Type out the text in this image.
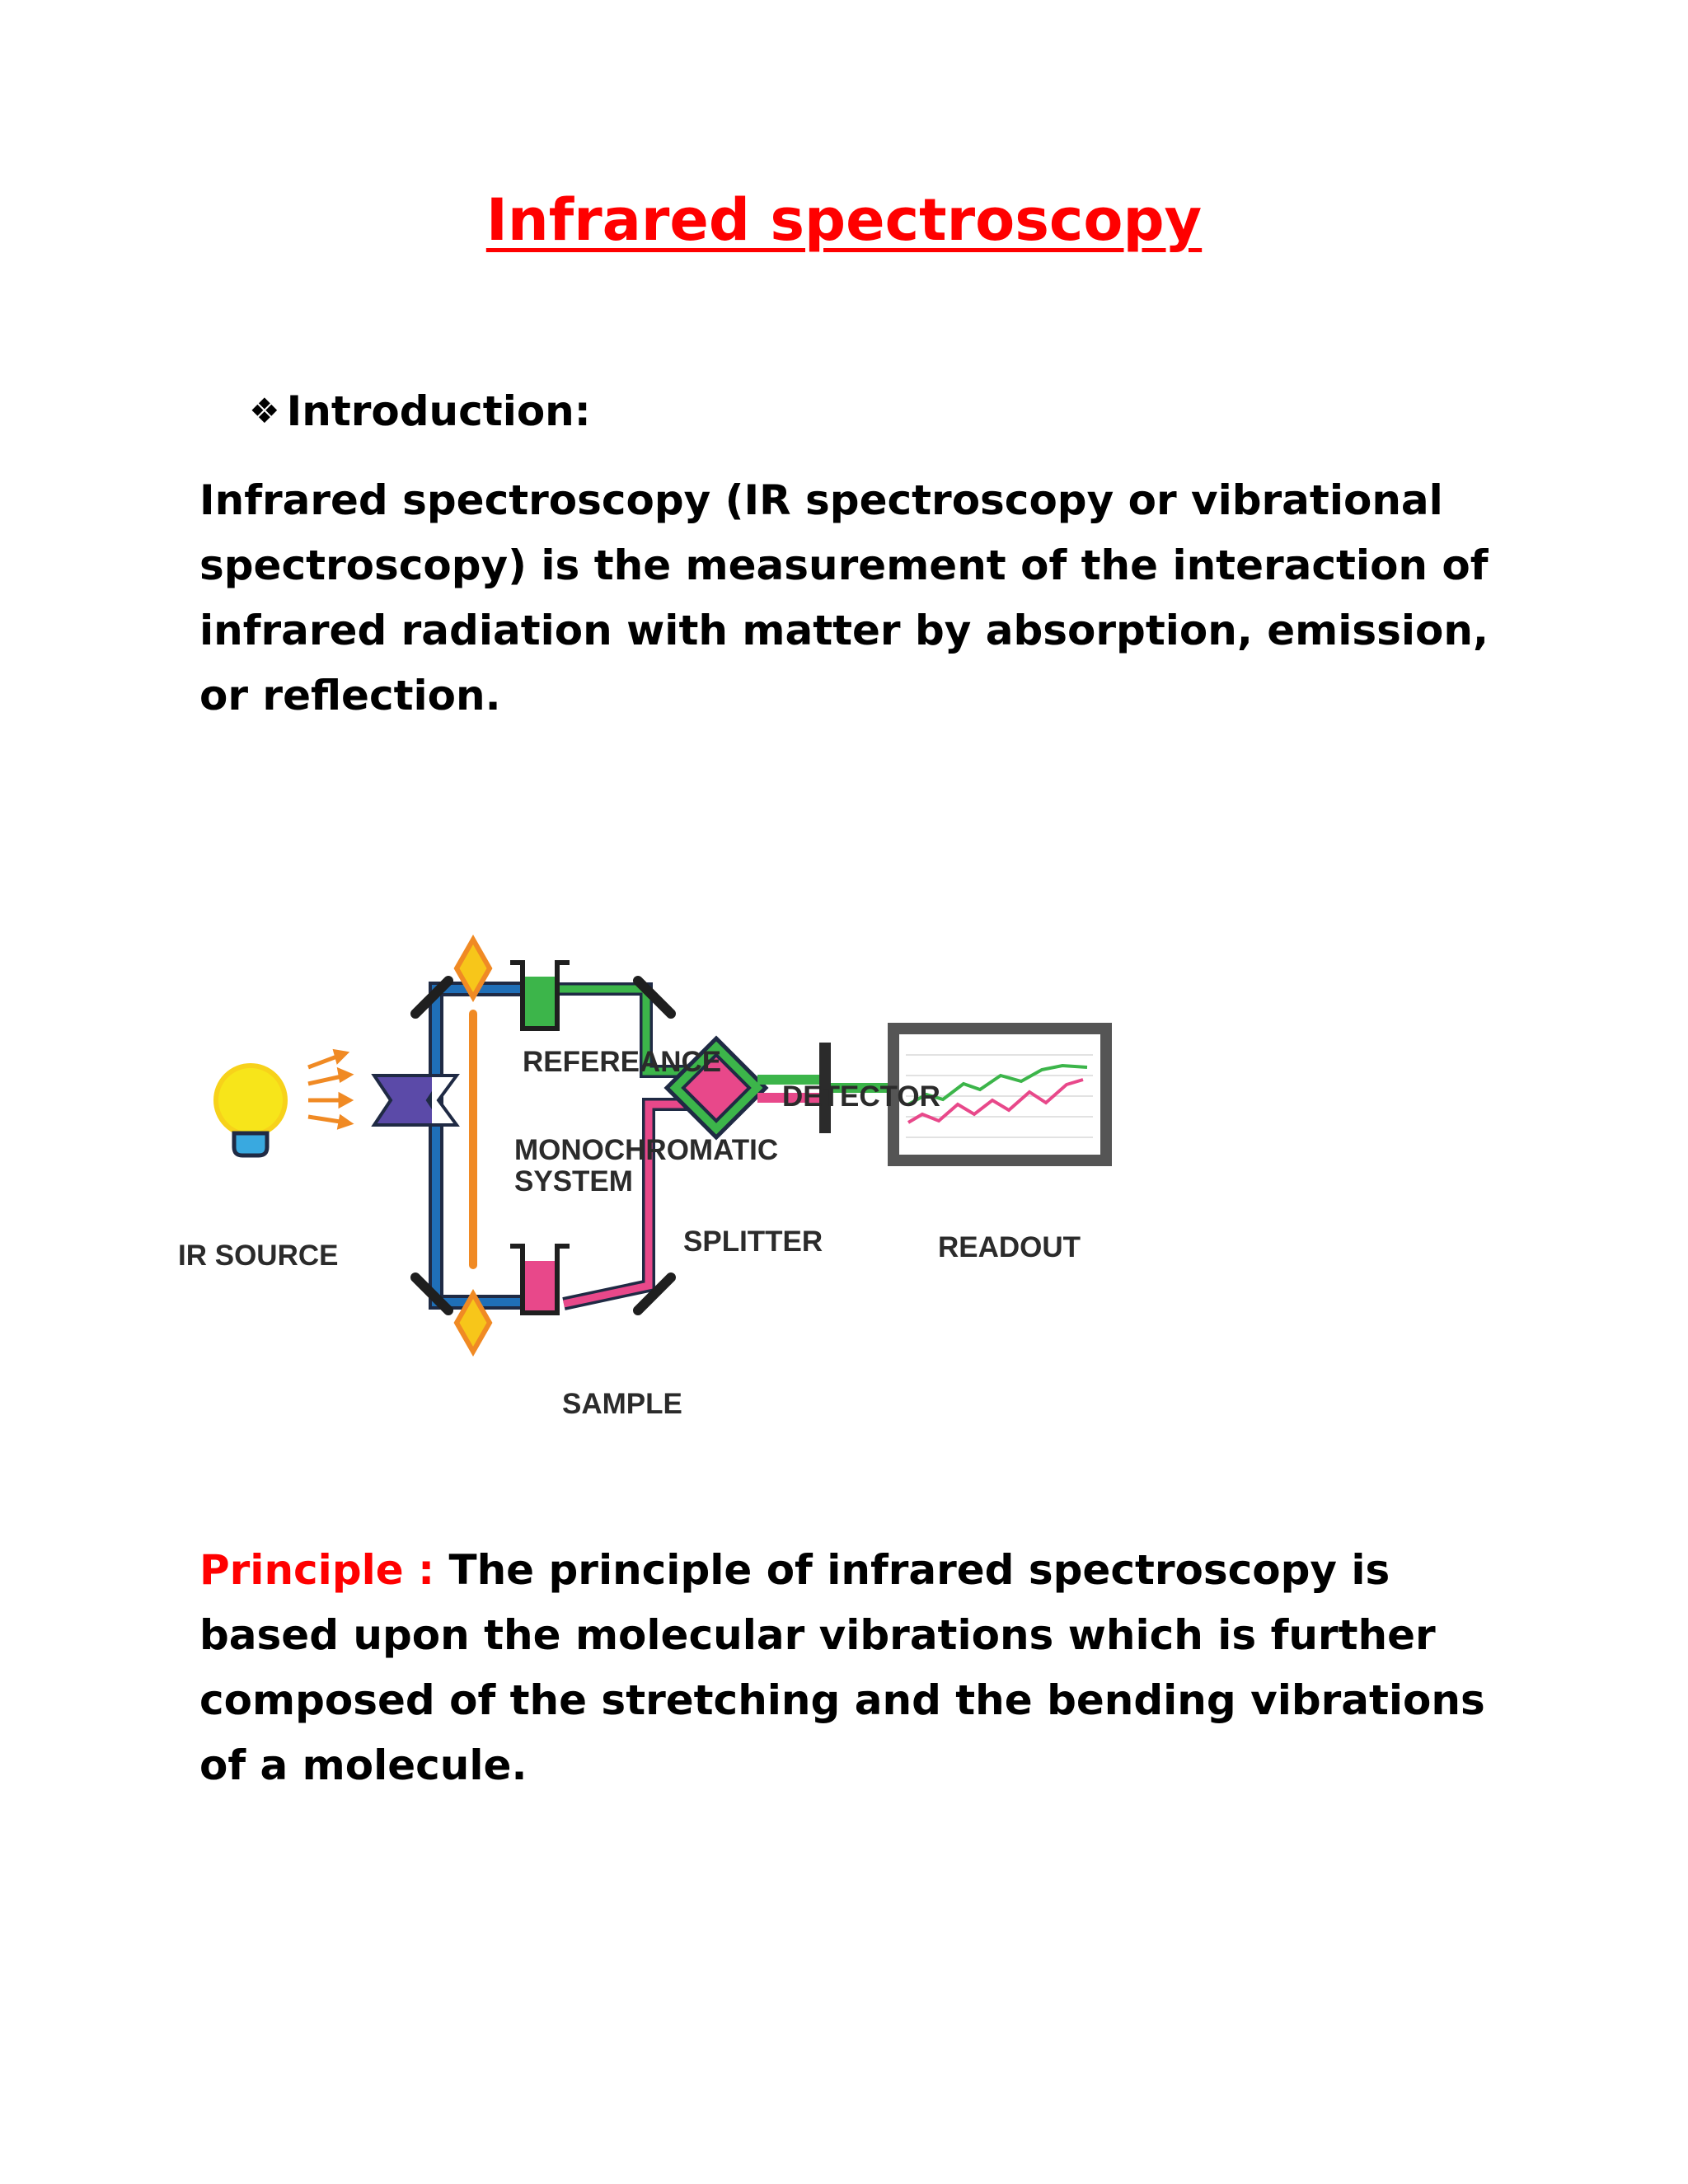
Infrared spectroscopy
❖ Introduction:
Infrared spectroscopy (IR spectroscopy or vibrational spectroscopy) is the measurement of the interaction of infrared radiation with matter by absorption, emission, or reflection.
REFEREANCE
MONOCHROMATIC
SYSTEM
DETECTOR
SPLITTER
IR SOURCE	READOUT
SAMPLE
Principle : The principle of infrared spectroscopy is based upon the molecular vibrations which is further composed of the stretching and the bending vibrations of a molecule.
